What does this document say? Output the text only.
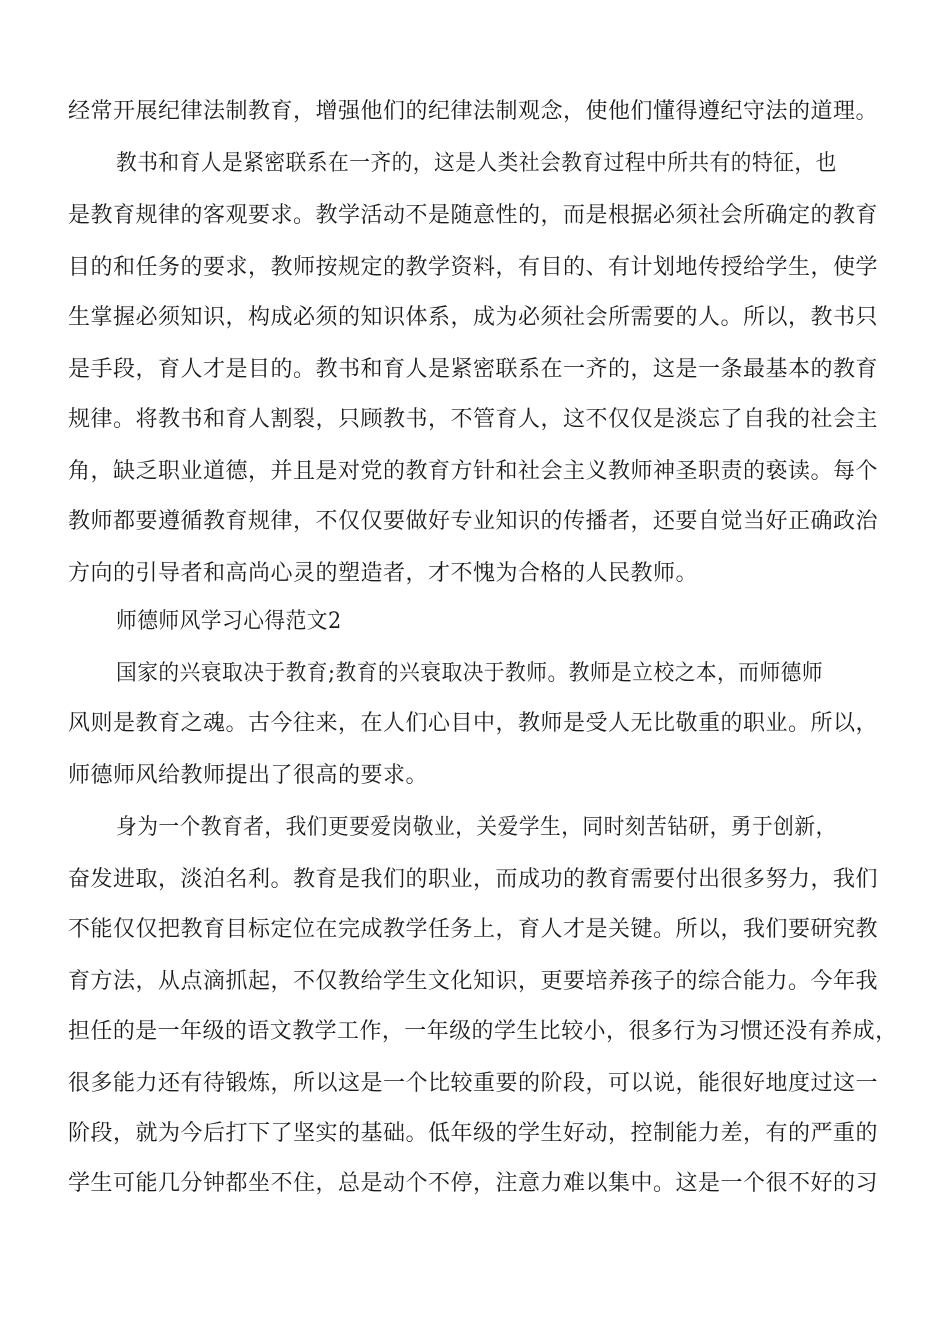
经常开展纪律法制教育，增强他们的纪律法制观念，使他们懂得遵纪守法的道理。
教书和育人是紧密联系在一齐的，这是人类社会教育过程中所共有的特征，也
是教育规律的客观要求。教学活动不是随意性的，而是根据必须社会所确定的教育
目的和任务的要求，教师按规定的教学资料，有目的、有计划地传授给学生，使学
生掌握必须知识，构成必须的知识体系，成为必须社会所需要的人。所以，教书只
是手段，育人才是目的。教书和育人是紧密联系在一齐的，这是一条最基本的教育
规律。将教书和育人割裂，只顾教书，不管育人，这不仅仅是淡忘了自我的社会主
角，缺乏职业道德，并且是对党的教育方针和社会主义教师神圣职责的亵读。每个
教师都要遵循教育规律，不仅仅要做好专业知识的传播者，还要自觉当好正确政治
方向的引导者和高尚心灵的塑造者，才不愧为合格的人民教师。
师德师风学习心得范文2
国家的兴衰取决于教育;教育的兴衰取决于教师。教师是立校之本，而师德师
风则是教育之魂。古今往来，在人们心目中，教师是受人无比敬重的职业。所以，
师德师风给教师提出了很高的要求。
身为一个教育者，我们更要爱岗敬业，关爱学生，同时刻苦钻研，勇于创新，
奋发进取，淡泊名利。教育是我们的职业，而成功的教育需要付出很多努力，我们
不能仅仅把教育目标定位在完成教学任务上，育人才是关键。所以，我们要研究教
育方法，从点滴抓起，不仅教给学生文化知识，更要培养孩子的综合能力。今年我
担任的是一年级的语文教学工作，一年级的学生比较小，很多行为习惯还没有养成，
很多能力还有待锻炼，所以这是一个比较重要的阶段，可以说，能很好地度过这一
阶段，就为今后打下了坚实的基础。低年级的学生好动，控制能力差，有的严重的
学生可能几分钟都坐不住，总是动个不停，注意力难以集中。这是一个很不好的习
